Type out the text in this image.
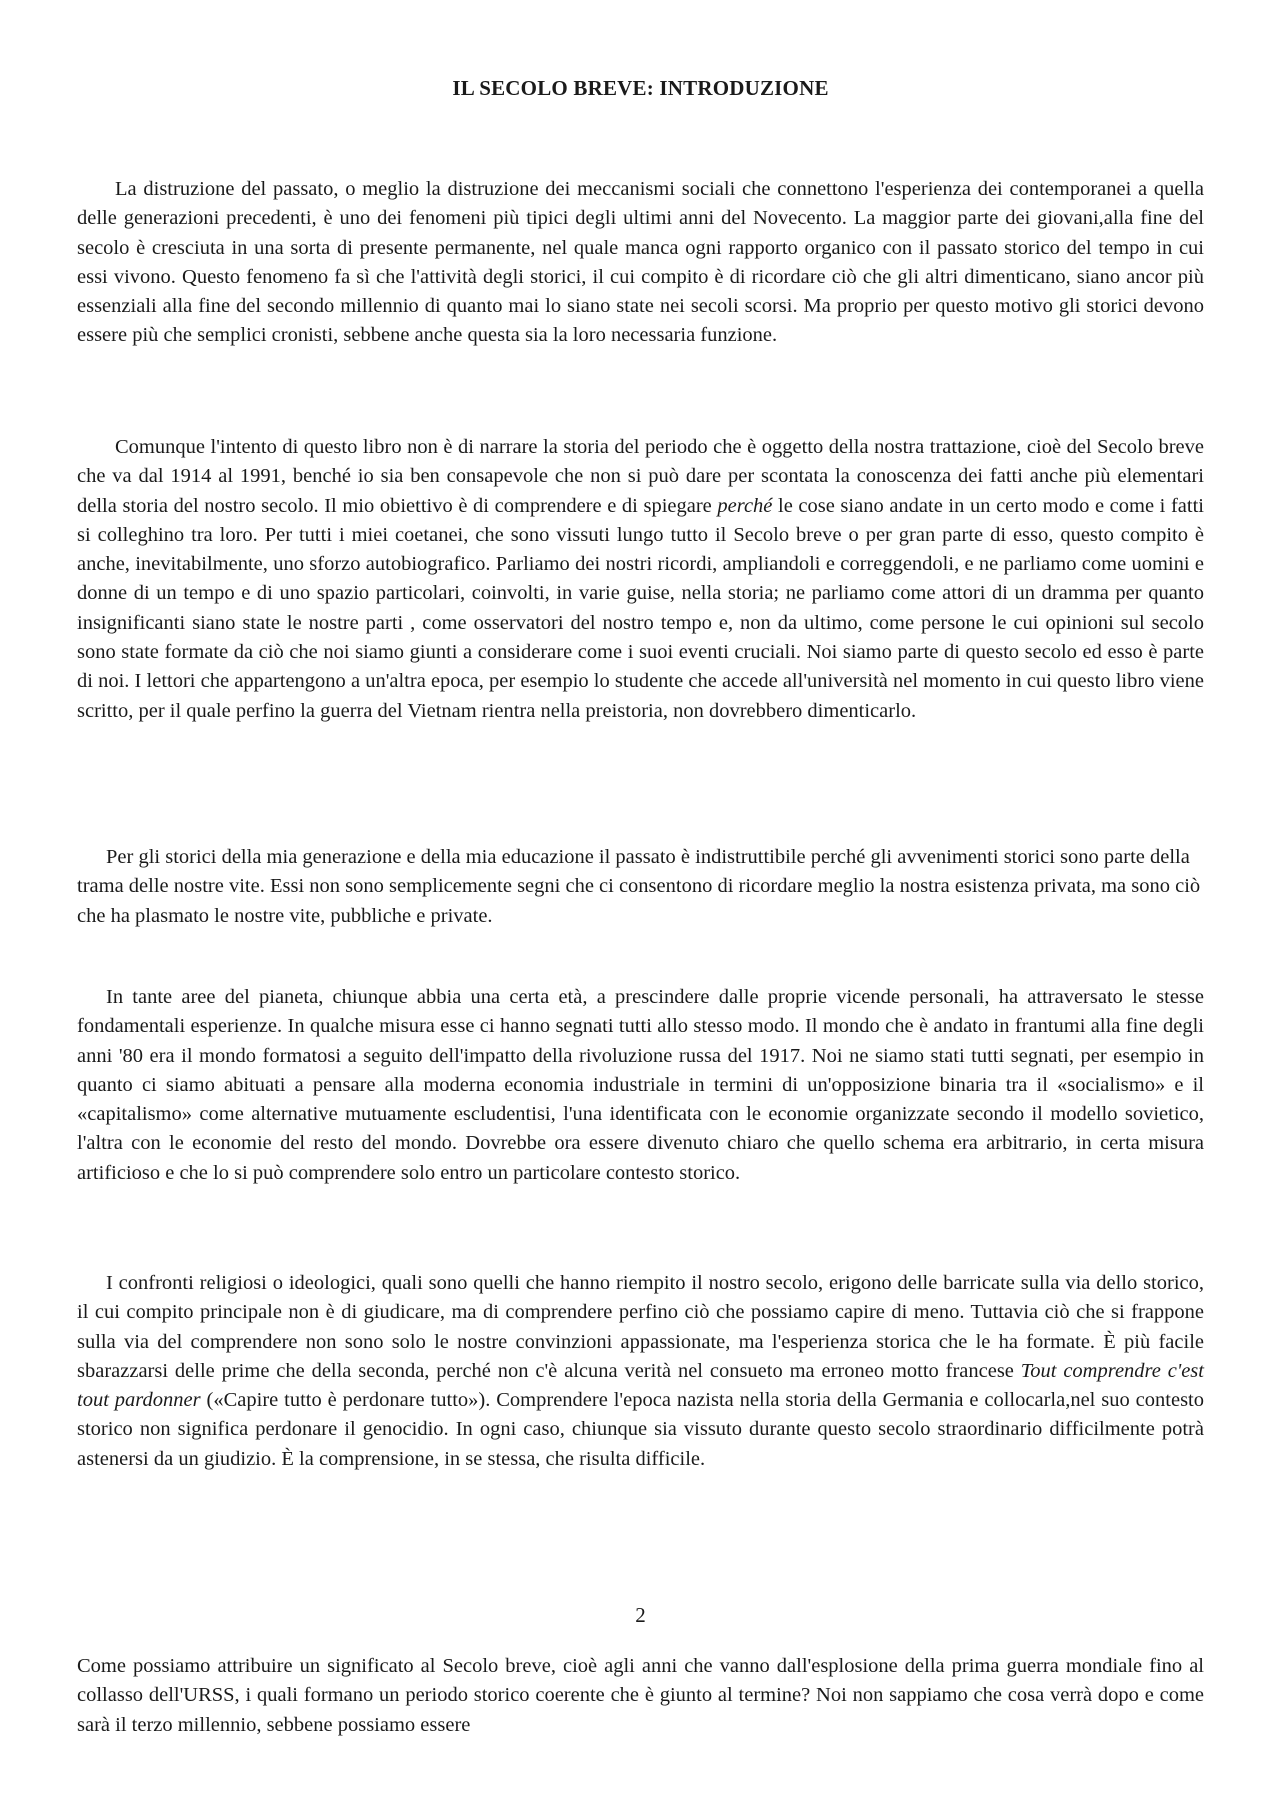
IL SECOLO BREVE: INTRODUZIONE

La distruzione del passato, o meglio la distruzione dei meccanismi sociali che connettono l'esperienza dei contemporanei a quella delle generazioni precedenti, è uno dei fenomeni più tipici degli ultimi anni del Novecento. La maggior parte dei giovani,alla fine del secolo è cresciuta in una sorta di presente permanente, nel quale manca ogni rapporto organico con il passato storico del tempo in cui essi vivono. Questo fenomeno fa sì che l'attività degli storici, il cui compito è di ricordare ciò che gli altri dimenticano, siano ancor più essenziali alla fine del secondo millennio di quanto mai lo siano state nei secoli scorsi. Ma proprio per questo motivo gli storici devono essere più che semplici cronisti, sebbene anche questa sia la loro necessaria funzione.

Comunque l'intento di questo libro non è di narrare la storia del periodo che è oggetto della nostra trattazione, cioè del Secolo breve che va dal 1914 al 1991, benché io sia ben consapevole che non si può dare per scontata la conoscenza dei fatti anche più elementari della storia del nostro secolo. Il mio obiettivo è di comprendere e di spiegare perché le cose siano andate in un certo modo e come i fatti si colleghino tra loro. Per tutti i miei coetanei, che sono vissuti lungo tutto il Secolo breve o per gran parte di esso, questo compito è anche, inevitabilmente, uno sforzo autobiografico. Parliamo dei nostri ricordi, ampliandoli e correggendoli, e ne parliamo come uomini e donne di un tempo e di uno spazio particolari, coinvolti, in varie guise, nella storia; ne parliamo come attori di un dramma per quanto insignificanti siano state le nostre parti , come osservatori del nostro tempo e, non da ultimo, come persone le cui opinioni sul secolo sono state formate da ciò che noi siamo giunti a considerare come i suoi eventi cruciali. Noi siamo parte di questo secolo ed esso è parte di noi. I lettori che appartengono a un'altra epoca, per esempio lo studente che accede all'università nel momento in cui questo libro viene scritto, per il quale perfino la guerra del Vietnam rientra nella preistoria, non dovrebbero dimenticarlo.

Per gli storici della mia generazione e della mia educazione il passato è indistruttibile perché gli avvenimenti storici sono parte della trama delle nostre vite. Essi non sono semplicemente segni che ci consentono di ricordare meglio la nostra esistenza privata, ma sono ciò che ha plasmato le nostre vite, pubbliche e private.

In tante aree del pianeta, chiunque abbia una certa età, a prescindere dalle proprie vicende personali, ha attraversato le stesse fondamentali esperienze. In qualche misura esse ci hanno segnati tutti allo stesso modo. Il mondo che è andato in frantumi alla fine degli anni '80 era il mondo formatosi a seguito dell'impatto della rivoluzione russa del 1917. Noi ne siamo stati tutti segnati, per esempio in quanto ci siamo abituati a pensare alla moderna economia industriale in termini di un'opposizione binaria tra il «socialismo» e il «capitalismo» come alternative mutuamente escludentisi, l'una identificata con le economie organizzate secondo il modello sovietico, l'altra con le economie del resto del mondo. Dovrebbe ora essere divenuto chiaro che quello schema era arbitrario, in certa misura artificioso e che lo si può comprendere solo entro un particolare contesto storico.

I confronti religiosi o ideologici, quali sono quelli che hanno riempito il nostro secolo, erigono delle barricate sulla via dello storico, il cui compito principale non è di giudicare, ma di comprendere perfino ciò che possiamo capire di meno. Tuttavia ciò che si frappone sulla via del comprendere non sono solo le nostre convinzioni appassionate, ma l'esperienza storica che le ha formate. È più facile sbarazzarsi delle prime che della seconda, perché non c'è alcuna verità nel consueto ma erroneo motto francese Tout comprendre c'est tout pardonner («Capire tutto è perdonare tutto»). Comprendere l'epoca nazista nella storia della Germania e collocarla,nel suo contesto storico non significa perdonare il genocidio. In ogni caso, chiunque sia vissuto durante questo secolo straordinario difficilmente potrà astenersi da un giudizio. È la comprensione, in se stessa, che risulta difficile.

2

Come possiamo attribuire un significato al Secolo breve, cioè agli anni che vanno dall'esplosione della prima guerra mondiale fino al collasso dell'URSS, i quali formano un periodo storico coerente che è giunto al termine? Noi non sappiamo che cosa verrà dopo e come sarà il terzo millennio, sebbene possiamo essere
